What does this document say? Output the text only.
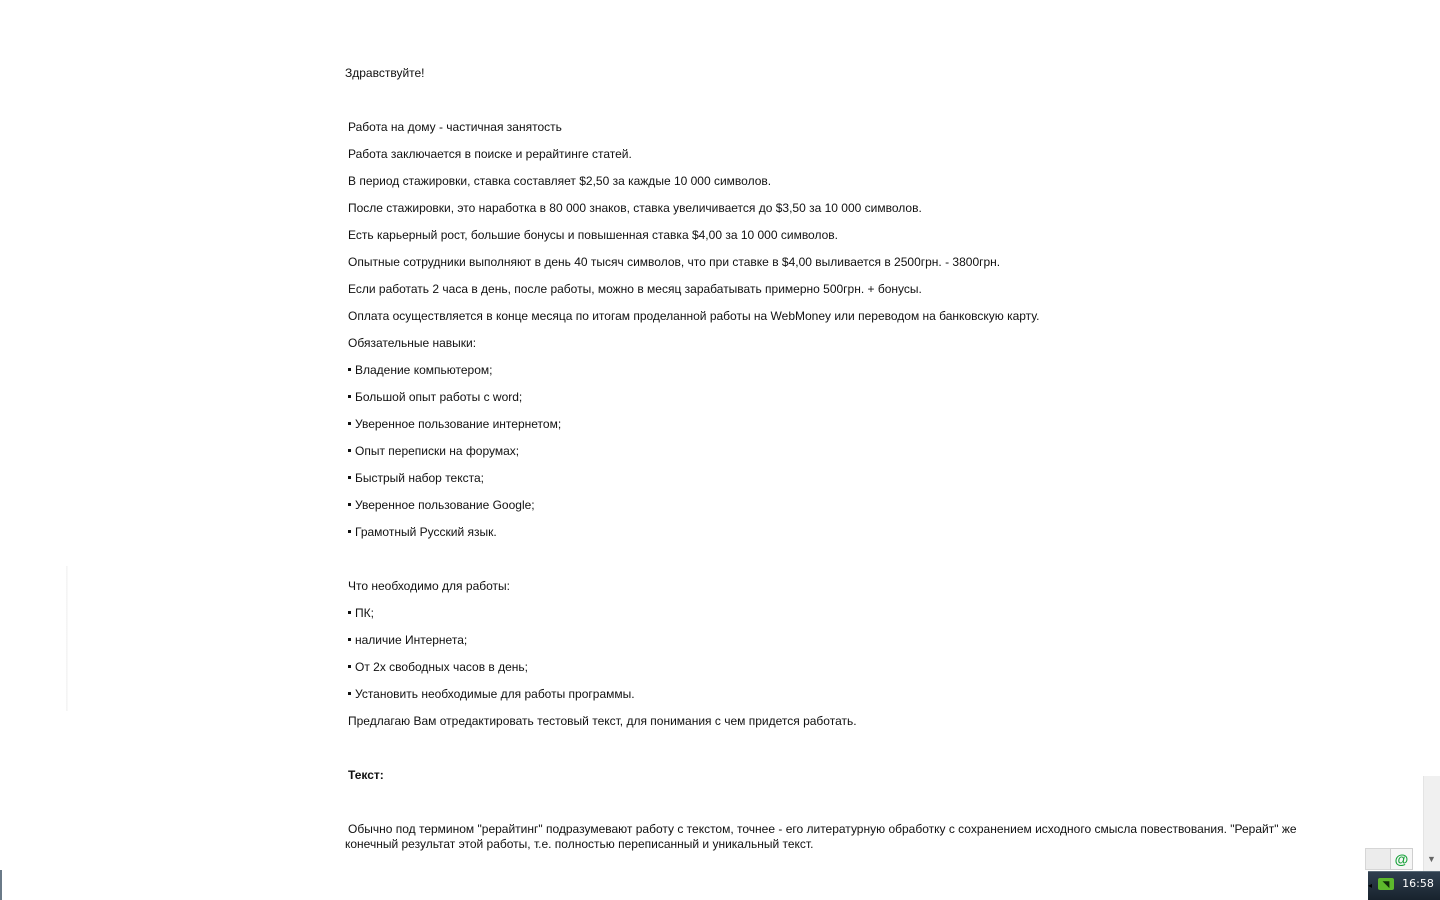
Здравствуйте!

Работа на дому - частичная занятость

Работа заключается в поиске и рерайтинге статей.

В период стажировки, ставка составляет $2,50 за каждые 10 000 символов.

После стажировки, это наработка в 80 000 знаков, ставка увеличивается до $3,50 за 10 000 символов.

Есть карьерный рост, большие бонусы и повышенная ставка $4,00 за 10 000 символов.

Опытные сотрудники выполняют в день 40 тысяч символов, что при ставке в $4,00 выливается в 2500грн. - 3800грн.

Если работать 2 часа в день, после работы, можно в месяц зарабатывать примерно 500грн. + бонусы.

Оплата осуществляется в конце месяца по итогам проделанной работы на WebMoney или переводом на банковскую карту.

Обязательные навыки:

Владение компьютером;
Большой опыт работы с word;
Уверенное пользование интернетом;
Опыт переписки на форумах;
Быстрый набор текста;
Уверенное пользование Google;
Грамотный Русский язык.

Что необходимо для работы:

ПК;
наличие Интернета;
От 2х свободных часов в день;
Установить необходимые для работы программы.

Предлагаю Вам отредактировать тестовый текст, для понимания с чем придется работать.

Текст:

Обычно под термином "рерайтинг" подразумевают работу с текстом, точнее - его литературную обработку с сохранением исходного смысла повествования. "Рерайт" же конечный результат этой работы, т.е. полностью переписанный и уникальный текст.

▼
@
◂	◥	16:58
